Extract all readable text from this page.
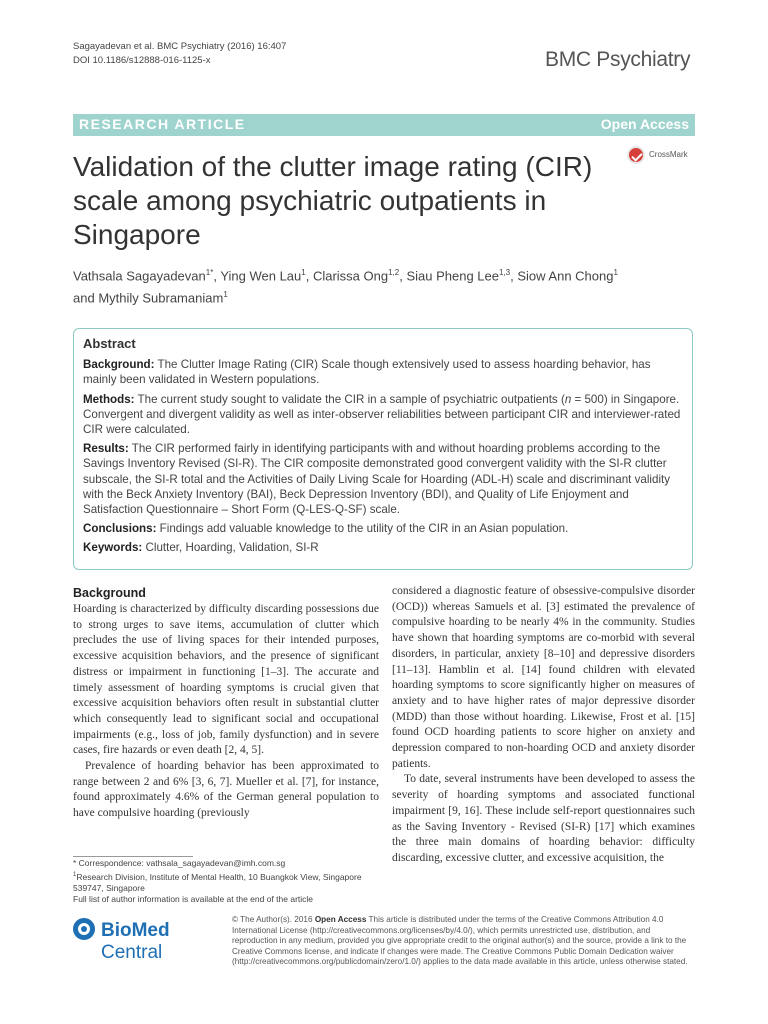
Sagayadevan et al. BMC Psychiatry (2016) 16:407
DOI 10.1186/s12888-016-1125-x	BMC Psychiatry
RESEARCH ARTICLE	Open Access
Validation of the clutter image rating (CIR) scale among psychiatric outpatients in Singapore
CrossMark
Vathsala Sagayadevan$^{1*}$, Ying Wen Lau$^1$, Clarissa Ong$^{1,2}$, Siau Pheng Lee$^{1,3}$, Siow Ann Chong$^1$
and Mythily Subramaniam$^1$
Abstract

Background: The Clutter Image Rating (CIR) Scale though extensively used to assess hoarding behavior, has mainly been validated in Western populations.

Methods: The current study sought to validate the CIR in a sample of psychiatric outpatients (n = 500) in Singapore. Convergent and divergent validity as well as inter-observer reliabilities between participant CIR and interviewer-rated CIR were calculated.

Results: The CIR performed fairly in identifying participants with and without hoarding problems according to the Savings Inventory Revised (SI-R). The CIR composite demonstrated good convergent validity with the SI-R clutter subscale, the SI-R total and the Activities of Daily Living Scale for Hoarding (ADL-H) scale and discriminant validity with the Beck Anxiety Inventory (BAI), Beck Depression Inventory (BDI), and Quality of Life Enjoyment and Satisfaction Questionnaire – Short Form (Q-LES-Q-SF) scale.

Conclusions: Findings add valuable knowledge to the utility of the CIR in an Asian population.

Keywords: Clutter, Hoarding, Validation, SI-R

Background

Hoarding is characterized by difficulty discarding possessions due to strong urges to save items, accumulation of clutter which precludes the use of living spaces for their intended purposes, excessive acquisition behaviors, and the presence of significant distress or impairment in functioning [1–3]. The accurate and timely assessment of hoarding symptoms is crucial given that excessive acquisition behaviors often result in substantial clutter which consequently lead to significant social and occupational impairments (e.g., loss of job, family dysfunction) and in severe cases, fire hazards or even death [2, 4, 5].

Prevalence of hoarding behavior has been approximated to range between 2 and 6% [3, 6, 7]. Mueller et al. [7], for instance, found approximately 4.6% of the German general population to have compulsive hoarding (previously

considered a diagnostic feature of obsessive-compulsive disorder (OCD)) whereas Samuels et al. [3] estimated the prevalence of compulsive hoarding to be nearly 4% in the community. Studies have shown that hoarding symptoms are co-morbid with several disorders, in particular, anxiety [8–10] and depressive disorders [11–13]. Hamblin et al. [14] found children with elevated hoarding symptoms to score significantly higher on measures of anxiety and to have higher rates of major depressive disorder (MDD) than those without hoarding. Likewise, Frost et al. [15] found OCD hoarding patients to score higher on anxiety and depression compared to non-hoarding OCD and anxiety disorder patients.

To date, several instruments have been developed to assess the severity of hoarding symptoms and associated functional impairment [9, 16]. These include self-report questionnaires such as the Saving Inventory - Revised (SI-R) [17] which examines the three main domains of hoarding behavior: difficulty discarding, excessive clutter, and excessive acquisition, the

* Correspondence: vathsala_sagayadevan@imh.com.sg
$^1$Research Division, Institute of Mental Health, 10 Buangkok View, Singapore 539747, Singapore
Full list of author information is available at the end of the article
BioMed Central
© The Author(s). 2016 Open Access This article is distributed under the terms of the Creative Commons Attribution 4.0 International License (http://creativecommons.org/licenses/by/4.0/), which permits unrestricted use, distribution, and reproduction in any medium, provided you give appropriate credit to the original author(s) and the source, provide a link to the Creative Commons license, and indicate if changes were made. The Creative Commons Public Domain Dedication waiver (http://creativecommons.org/publicdomain/zero/1.0/) applies to the data made available in this article, unless otherwise stated.
